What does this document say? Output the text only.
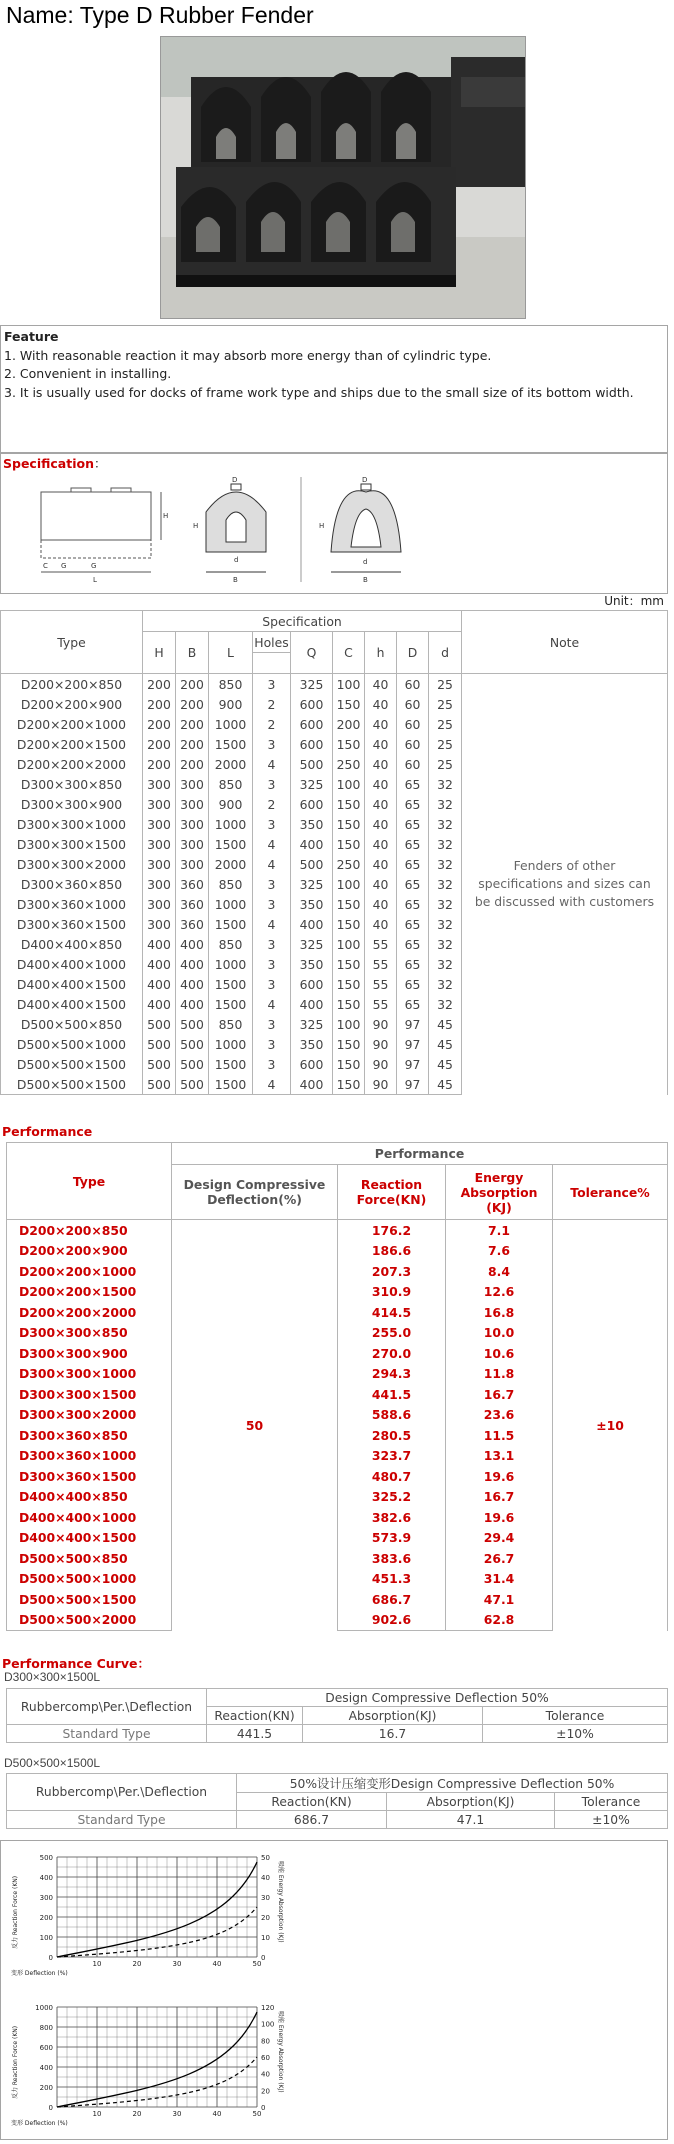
Name: Type D Rubber Fender
Feature
1. With reasonable reaction it may absorb more energy than of cylindric type.
2. Convenient in installing.
3. It is usually used for docks of frame work type and ships due to the small size of its bottom width.
Specification：
H
C G	G
L
D
H
B
d
D
H
d
B
Unit：mm
Type	Specification									Note
	H	B	L	Holes	Q	C	h	D	d	

D200×200×850	200	200	850	3	325	100	40	60	25	Fenders of other specifications and sizes can be discussed with customers
D200×200×900	200	200	900	2	600	150	40	60	25	
D200×200×1000	200	200	1000	2	600	200	40	60	25	
D200×200×1500	200	200	1500	3	600	150	40	60	25	
D200×200×2000	200	200	2000	4	500	250	40	60	25	
D300×300×850	300	300	850	3	325	100	40	65	32	
D300×300×900	300	300	900	2	600	150	40	65	32	
D300×300×1000	300	300	1000	3	350	150	40	65	32	
D300×300×1500	300	300	1500	4	400	150	40	65	32	
D300×300×2000	300	300	2000	4	500	250	40	65	32	
D300×360×850	300	360	850	3	325	100	40	65	32	
D300×360×1000	300	360	1000	3	350	150	40	65	32	
D300×360×1500	300	360	1500	4	400	150	40	65	32	
D400×400×850	400	400	850	3	325	100	55	65	32	
D400×400×1000	400	400	1000	3	350	150	55	65	32	
D400×400×1500	400	400	1500	3	600	150	55	65	32	
D400×400×1500	400	400	1500	4	400	150	55	65	32	
D500×500×850	500	500	850	3	325	100	90	97	45	
D500×500×1000	500	500	1000	3	350	150	90	97	45	
D500×500×1500	500	500	1500	3	600	150	90	97	45	
D500×500×1500	500	500	1500	4	400	150	90	97	45	
Performance
Type	Performance			
	Design Compressive Deflection(%)	Reaction Force(KN)	Energy Absorption (KJ)	Tolerance%
D200×200×850	50	176.2	7.1	±10
D200×200×900		186.6	7.6	
D200×200×1000		207.3	8.4	
D200×200×1500		310.9	12.6	
D200×200×2000		414.5	16.8	
D300×300×850		255.0	10.0	
D300×300×900		270.0	10.6	
D300×300×1000		294.3	11.8	
D300×300×1500		441.5	16.7	
D300×300×2000		588.6	23.6	
D300×360×850		280.5	11.5	
D300×360×1000		323.7	13.1	
D300×360×1500		480.7	19.6	
D400×400×850		325.2	16.7	
D400×400×1000		382.6	19.6	
D400×400×1500		573.9	29.4	
D500×500×850		383.6	26.7	
D500×500×1000		451.3	31.4	
D500×500×1500		686.7	47.1	
D500×500×2000		902.6	62.8	
Performance Curve：
D300×300×1500L
Rubbercomp\Per.\Deflection	Design Compressive Deflection 50%		
	Reaction(KN)	Absorption(KJ)	Tolerance
Standard Type	441.5	16.7	±10%
D500×500×1500L
Rubbercomp\Per.\Deflection	50%设计压缩变形Design Compressive Deflection 50%		
	Reaction(KN)	Absorption(KJ)	Tolerance
Standard Type	686.7	47.1	±10%
500
400
300
200
100
0
50
40
30
20
10
0
10	20	30	40	50
变形 Deflection (%)
反力 Reaction Force (KN)	吸能 Energy Absorption (KJ)
1000
800
600
400
200
0
120
100
80
60
40
20
0
10	20	30	40	50
变形 Deflection (%)
反力 Reaction Force (KN)	吸能 Energy Absorption (KJ)
